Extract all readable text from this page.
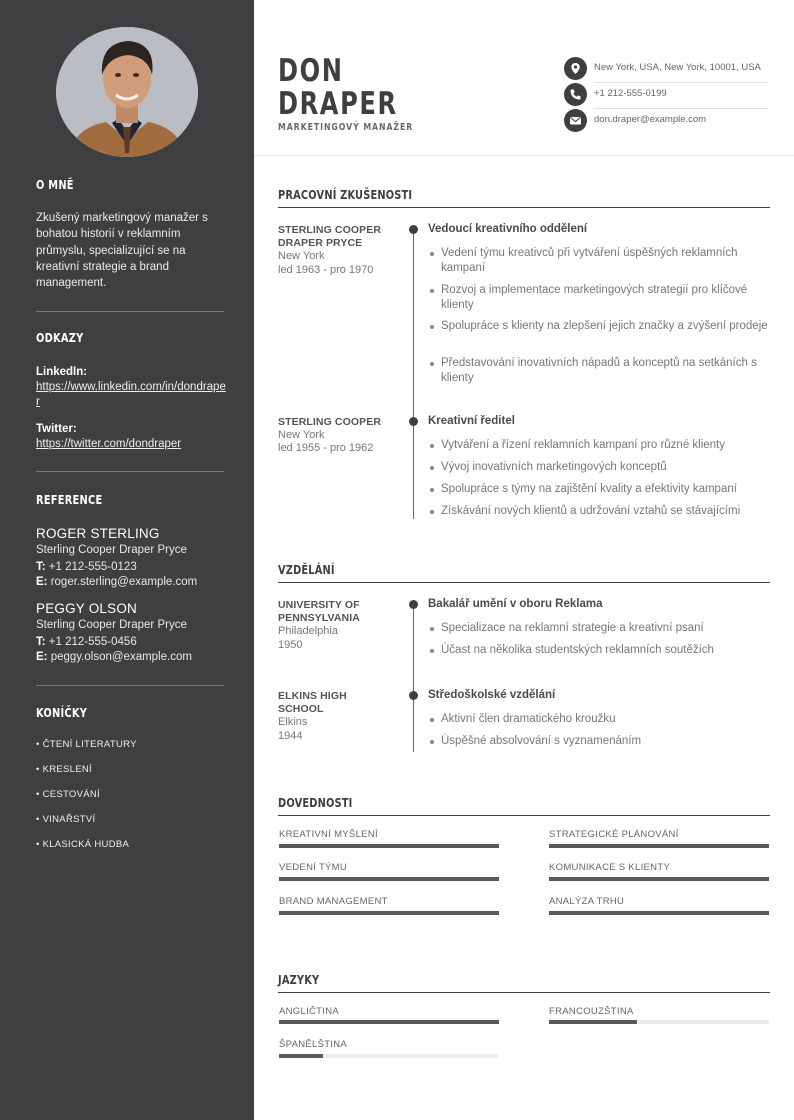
O MNĚ
Zkušený marketingový manažer s bohatou historií v reklamním průmyslu, specializující se na kreativní strategie a brand management.
ODKAZY
LinkedIn:
https://www.linkedin.com/in/dondraper
Twitter:
https://twitter.com/dondraper
REFERENCE
ROGER STERLING
Sterling Cooper Draper Pryce
T: +1 212-555-0123
E: roger.sterling@example.com
PEGGY OLSON
Sterling Cooper Draper Pryce
T: +1 212-555-0456
E: peggy.olson@example.com
KONÍČKY
• ČTENÍ LITERATURY
• KRESLENÍ
• CESTOVÁNÍ
• VINAŘSTVÍ
• KLASICKÁ HUDBA
DON
DRAPER
MARKETINGOVÝ MANAŽER
New York, USA, New York, 10001, USA
+1 212-555-0199
don.draper@example.com
PRACOVNÍ ZKUŠENOSTI
STERLING COOPER
DRAPER PRYCE
New York
led 1963 - pro 1970
Vedoucí kreativního oddělení
Vedení týmu kreativců při vytváření úspěšných reklamních kampaní
Rozvoj a implementace marketingových strategií pro klíčové klienty
Spolupráce s klienty na zlepšení jejich značky a zvýšení prodeje
Představování inovativních nápadů a konceptů na setkáních s klienty
STERLING COOPER
New York
led 1955 - pro 1962
Kreativní ředitel
Vytváření a řízení reklamních kampaní pro různé klienty
Vývoj inovativních marketingových konceptů
Spolupráce s týmy na zajištění kvality a efektivity kampaní
Získávání nových klientů a udržování vztahů se stávajícími
VZDĚLÁNÍ
UNIVERSITY OF
PENNSYLVANIA
Philadelphia
1950
Bakalář umění v oboru Reklama
Specializace na reklamní strategie a kreativní psaní
Účast na několika studentských reklamních soutěžích
ELKINS HIGH
SCHOOL
Elkins
1944
Středoškolské vzdělání
Aktivní člen dramatického kroužku
Úspěšné absolvování s vyznamenáním
DOVEDNOSTI
KREATIVNÍ MYŠLENÍ	STRATEGICKÉ PLÁNOVÁNÍ
VEDENÍ TÝMU	KOMUNIKACE S KLIENTY
BRAND MANAGEMENT	ANALÝZA TRHU
JAZYKY
ANGLIČTINA	FRANCOUZŠTINA
ŠPANĚLŠTINA
